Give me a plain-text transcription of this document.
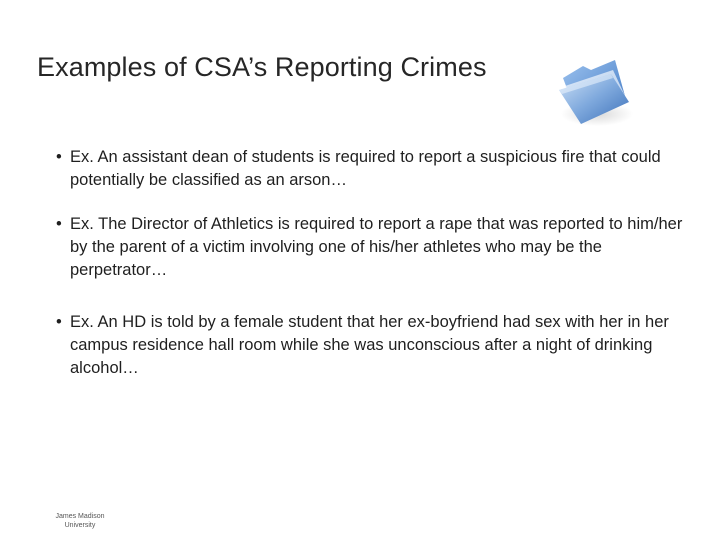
Examples of CSA’s Reporting Crimes
• Ex. An assistant dean of students is required to report a suspicious fire that could potentially be classified as an arson…
• Ex. The Director of Athletics is required to report a rape that was reported to him/her by the parent of a victim involving one of his/her athletes who may be the perpetrator…
• Ex. An HD is told by a female student that her ex-boyfriend had sex with her in her campus residence hall room while she was unconscious after a night of drinking alcohol…
James Madison
University
